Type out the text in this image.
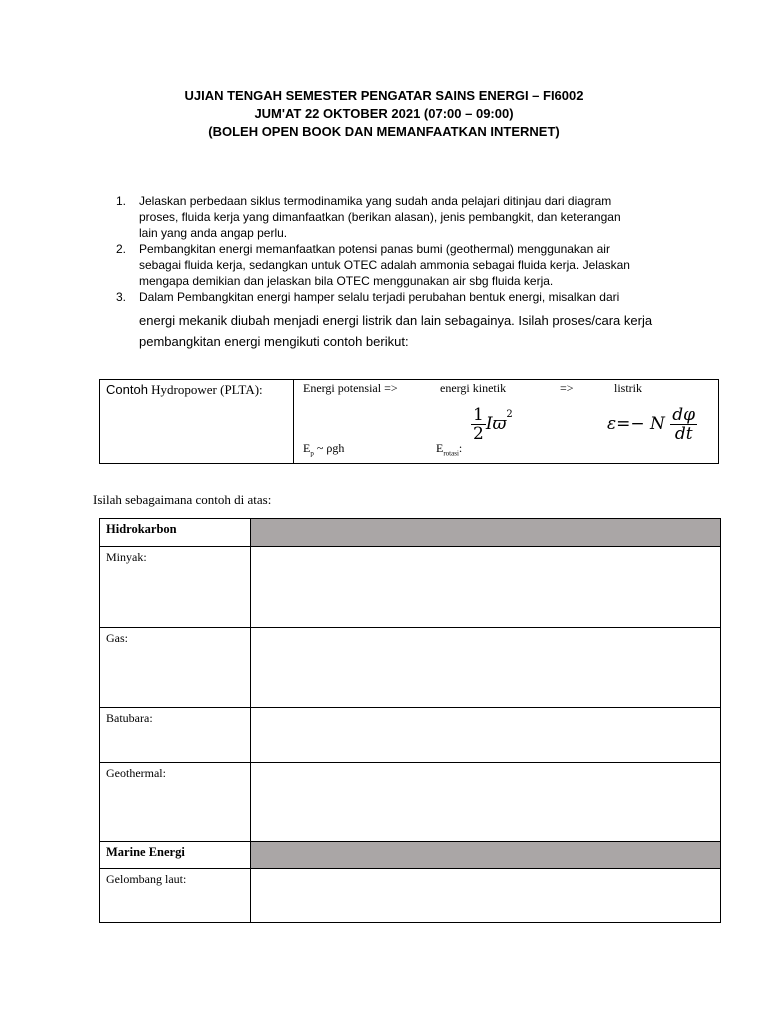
UJIAN TENGAH SEMESTER PENGATAR SAINS ENERGI – FI6002
JUM'AT 22 OKTOBER 2021 (07:00 – 09:00)
(BOLEH OPEN BOOK DAN MEMANFAATKAN INTERNET)
1. Jelaskan perbedaan siklus termodinamika yang sudah anda pelajari ditinjau dari diagram
proses, fluida kerja yang dimanfaatkan (berikan alasan), jenis pembangkit, dan keterangan
lain yang anda angap perlu.
2. Pembangkitan energi memanfaatkan potensi panas bumi (geothermal) menggunakan air
sebagai fluida kerja, sedangkan untuk OTEC adalah ammonia sebagai fluida kerja. Jelaskan
mengapa demikian dan jelaskan bila OTEC menggunakan air sbg fluida kerja.
3. Dalam Pembangkitan energi hamper selalu terjadi perubahan bentuk energi, misalkan dari
energi mekanik diubah menjadi energi listrik dan lain sebagainya. Isilah proses/cara kerja
pembangkitan energi mengikuti contoh berikut:
Contoh Hydropower (PLTA):	Energi potensial =>	energi kinetik	=>	listrik
$E_p$ ~ ρgh	$E_{rotasi}$:
$\frac{1}{2} Iϖ^2$	ε=− N $\frac{d\varphi}{dt}$
Isilah sebagaimana contoh di atas:
Hidrokarbon	
Minyak:	
Gas:	
Batubara:	
Geothermal:	
Marine Energi	
Gelombang laut:	
